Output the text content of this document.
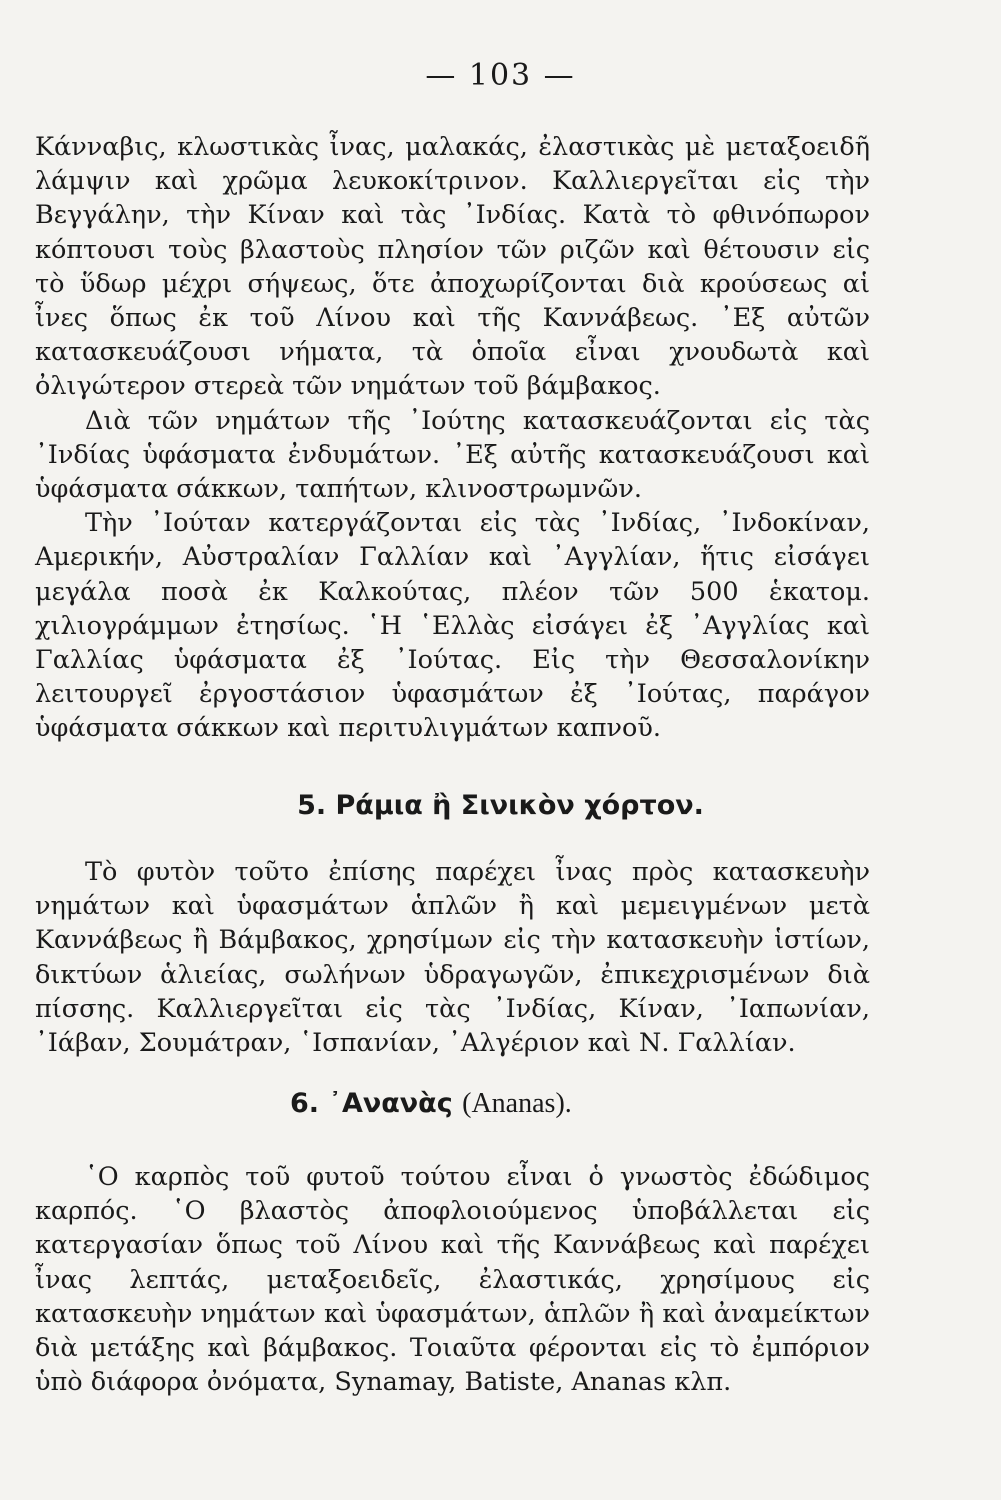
— 103 —

Κάνναβις, κλωστικὰς ἶνας, μαλακάς, ἐλαστικὰς μὲ μεταξοειδῆ λάμψιν καὶ χρῶμα λευκοκίτρινον. Καλλιεργεῖται εἰς τὴν Βεγγάλην, τὴν Κίναν καὶ τὰς ᾿Ινδίας. Κατὰ τὸ φθινόπωρον κόπτουσι τοὺς βλαστοὺς πλησίον τῶν ριζῶν καὶ θέτουσιν εἰς τὸ ὕδωρ μέχρι σήψεως, ὅτε ἀποχωρίζονται διὰ κρούσεως αἱ ἶνες ὅπως ἐκ τοῦ Λίνου καὶ τῆς Καννάβεως. ᾿Εξ αὐτῶν κατασκευάζουσι νήματα, τὰ ὁποῖα εἶναι χνουδωτὰ καὶ ὀλιγώτερον στερεὰ τῶν νημάτων τοῦ βάμβακος.

Διὰ τῶν νημάτων τῆς ᾿Ιούτης κατασκευάζονται εἰς τὰς ᾿Ινδίας ὑφάσματα ἐνδυμάτων. ᾿Εξ αὐτῆς κατασκευάζουσι καὶ ὑφάσματα σάκκων, ταπήτων, κλινοστρωμνῶν.

Τὴν ᾿Ιούταν κατεργάζονται εἰς τὰς ᾿Ινδίας, ᾿Ινδοκίναν, Αμερικήν, Αὐστραλίαν Γαλλίαν καὶ ᾿Αγγλίαν, ἥτις εἰσάγει μεγάλα ποσὰ ἐκ Καλκούτας, πλέον τῶν 500 ἑκατομ. χιλιογράμμων ἐτησίως. ῾Η ῾Ελλὰς εἰσάγει ἐξ ᾿Αγγλίας καὶ Γαλλίας ὑφάσματα ἐξ ᾿Ιούτας. Εἰς τὴν Θεσσαλονίκην λειτουργεῖ ἐργοστάσιον ὑφασμάτων ἐξ ᾿Ιούτας, παράγον ὑφάσματα σάκκων καὶ περιτυλιγμάτων καπνοῦ.

5. Ράμια ἢ Σινικὸν χόρτον.

Τὸ φυτὸν τοῦτο ἐπίσης παρέχει ἶνας πρὸς κατασκευὴν νημάτων καὶ ὑφασμάτων ἁπλῶν ἢ καὶ μεμειγμένων μετὰ Καννάβεως ἢ Βάμβακος, χρησίμων εἰς τὴν κατασκευὴν ἱστίων, δικτύων ἁλιείας, σωλήνων ὑδραγωγῶν, ἐπικεχρισμένων διὰ πίσσης. Καλλιεργεῖται εἰς τὰς ᾿Ινδίας, Κίναν, ᾿Ιαπωνίαν, ᾿Ιάβαν, Σουμάτραν, ῾Ισπανίαν, ᾿Αλγέριον καὶ Ν. Γαλλίαν.

6. ᾿Ανανὰς (Ananas).

῾Ο καρπὸς τοῦ φυτοῦ τούτου εἶναι ὁ γνωστὸς ἐδώδιμος καρπός. ῾Ο βλαστὸς ἀποφλοιούμενος ὑποβάλλεται εἰς κατεργασίαν ὅπως τοῦ Λίνου καὶ τῆς Καννάβεως καὶ παρέχει ἶνας λεπτάς, μεταξοειδεῖς, ἐλαστικάς, χρησίμους εἰς κατασκευὴν νημάτων καὶ ὑφασμάτων, ἁπλῶν ἢ καὶ ἀναμείκτων διὰ μετάξης καὶ βάμβακος. Τοιαῦτα φέρονται εἰς τὸ ἐμπόριον ὑπὸ διάφορα ὀνόματα, Synamay, Batiste, Ananas κλπ.
